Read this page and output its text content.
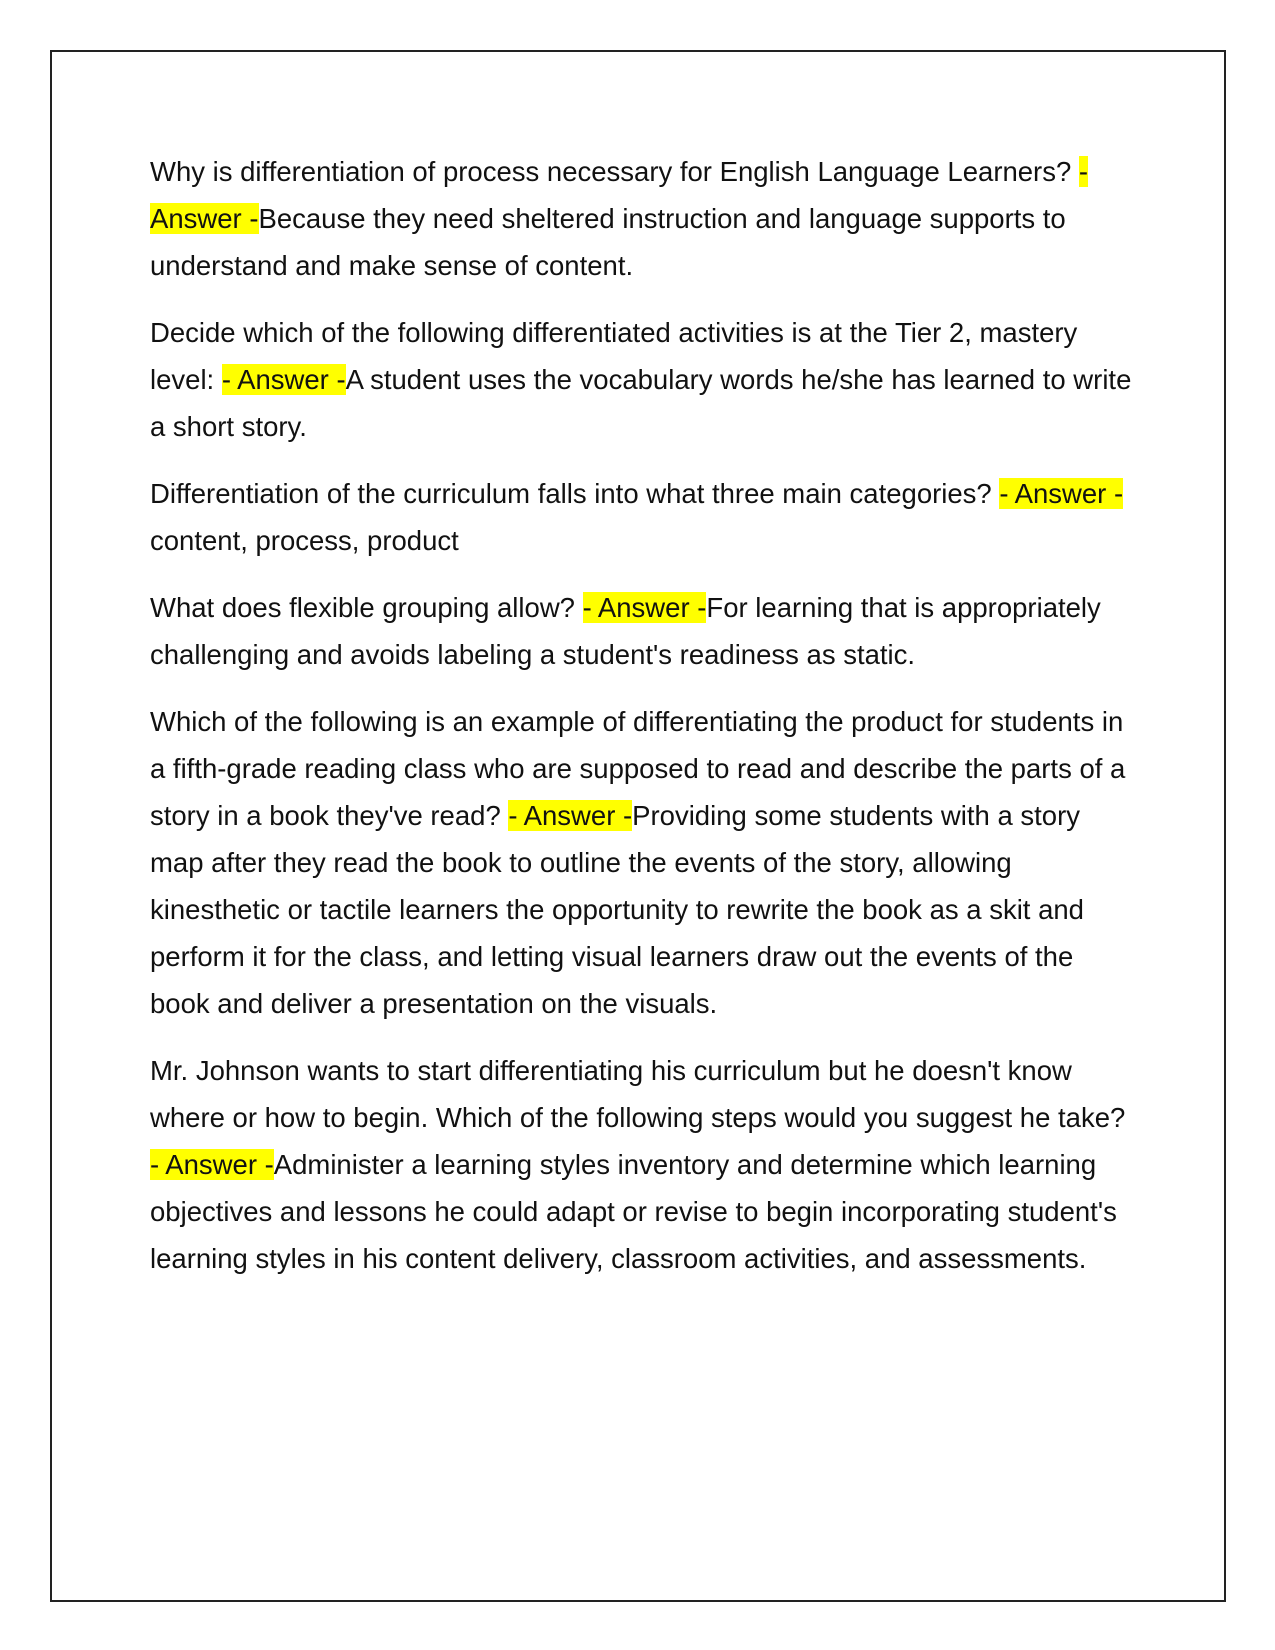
Why is differentiation of process necessary for English Language Learners? - Answer -Because they need sheltered instruction and language supports to understand and make sense of content.

Decide which of the following differentiated activities is at the Tier 2, mastery level: - Answer -A student uses the vocabulary words he/she has learned to write a short story.

Differentiation of the curriculum falls into what three main categories? - Answer -content, process, product

What does flexible grouping allow? - Answer -For learning that is appropriately challenging and avoids labeling a student's readiness as static.

Which of the following is an example of differentiating the product for students in a fifth-grade reading class who are supposed to read and describe the parts of a story in a book they've read? - Answer -Providing some students with a story map after they read the book to outline the events of the story, allowing kinesthetic or tactile learners the opportunity to rewrite the book as a skit and perform it for the class, and letting visual learners draw out the events of the book and deliver a presentation on the visuals.

Mr. Johnson wants to start differentiating his curriculum but he doesn't know where or how to begin. Which of the following steps would you suggest he take? - Answer -Administer a learning styles inventory and determine which learning objectives and lessons he could adapt or revise to begin incorporating student's learning styles in his content delivery, classroom activities, and assessments.
